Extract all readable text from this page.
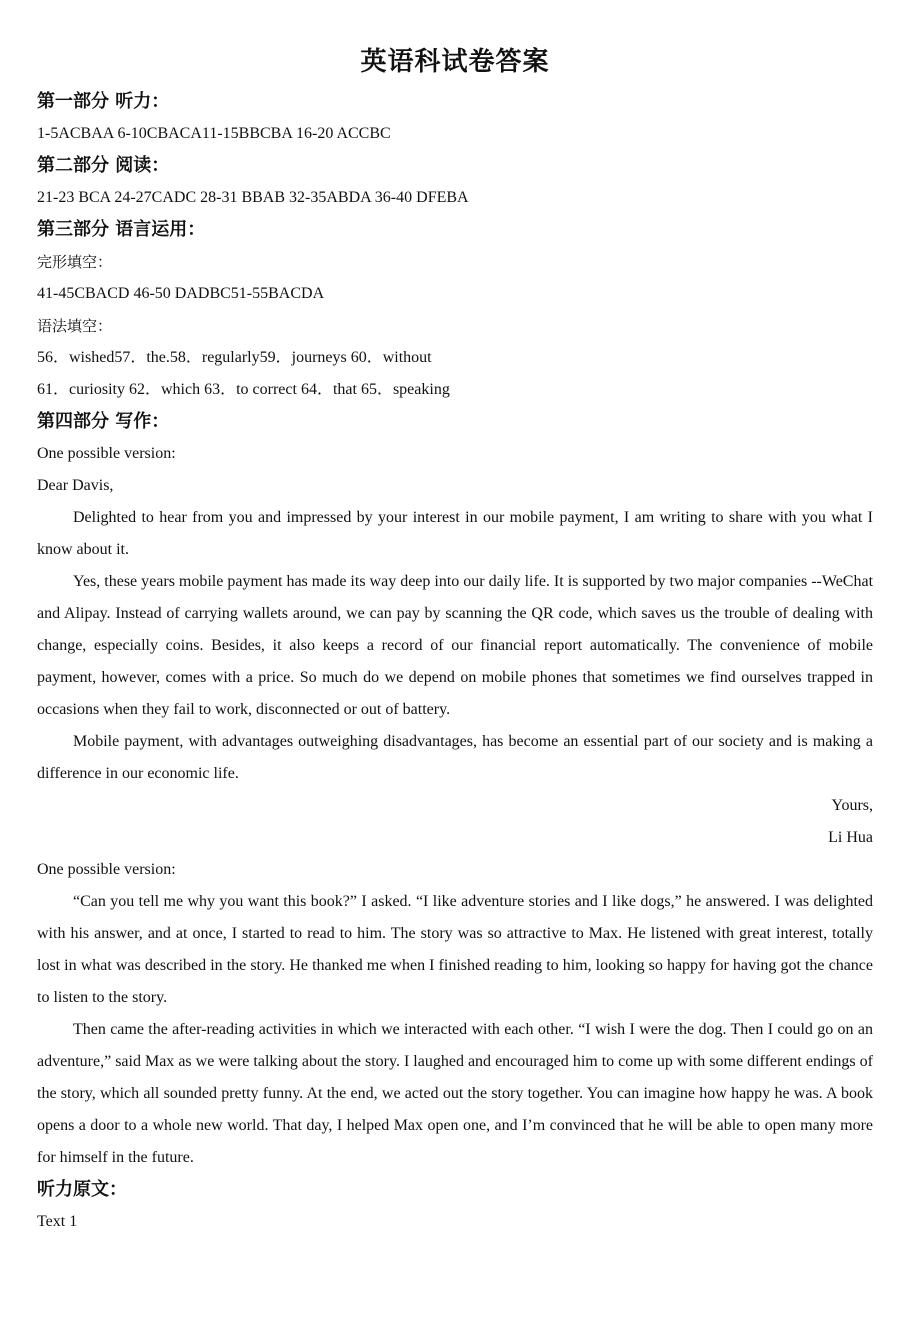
英语科试卷答案
第一部分 听力：
1-5ACBAA 6-10CBACA11-15BBCBA 16-20 ACCBC
第二部分 阅读：
21-23 BCA 24-27CADC 28-31 BBAB 32-35ABDA 36-40 DFEBA
第三部分 语言运用：
完形填空：
41-45CBACD 46-50 DADBC51-55BACDA
语法填空：
56．wished57．the.58．regularly59．journeys 60．without
61．curiosity 62．which 63．to correct 64．that 65．speaking
第四部分 写作：
One possible version:
Dear Davis,

Delighted to hear from you and impressed by your interest in our mobile payment, I am writing to share with you what I know about it.

Yes, these years mobile payment has made its way deep into our daily life. It is supported by two major companies --WeChat and Alipay. Instead of carrying wallets around, we can pay by scanning the QR code, which saves us the trouble of dealing with change, especially coins. Besides, it also keeps a record of our financial report automatically. The convenience of mobile payment, however, comes with a price. So much do we depend on mobile phones that sometimes we find ourselves trapped in occasions when they fail to work, disconnected or out of battery.

Mobile payment, with advantages outweighing disadvantages, has become an essential part of our society and is making a difference in our economic life.

Yours,
Li Hua
One possible version:

“Can you tell me why you want this book?” I asked. “I like adventure stories and I like dogs,” he answered. I was delighted with his answer, and at once, I started to read to him. The story was so attractive to Max. He listened with great interest, totally lost in what was described in the story. He thanked me when I finished reading to him, looking so happy for having got the chance to listen to the story.

Then came the after-reading activities in which we interacted with each other. “I wish I were the dog. Then I could go on an adventure,” said Max as we were talking about the story. I laughed and encouraged him to come up with some different endings of the story, which all sounded pretty funny. At the end, we acted out the story together. You can imagine how happy he was. A book opens a door to a whole new world. That day, I helped Max open one, and I’m convinced that he will be able to open many more for himself in the future.

听力原文：
Text 1
